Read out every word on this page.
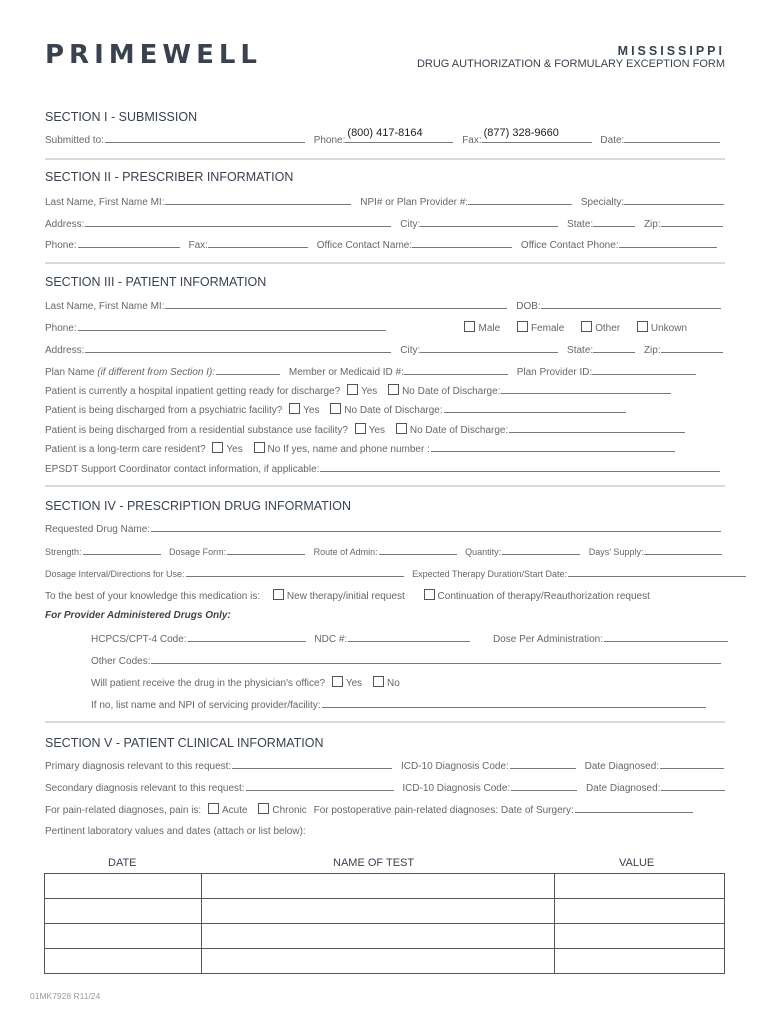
PRIMEWELL	MISSISSIPPI
DRUG AUTHORIZATION & FORMULARY EXCEPTION FORM
SECTION I - SUBMISSION
Submitted to:	Phone:
(800) 417-8164
Fax:
(877) 328-9660
Date:
SECTION II - PRESCRIBER INFORMATION
Last Name, First Name MI:	NPI# or Plan Provider #:	Specialty:
Address:	City:	State:	Zip:
Phone:	Fax:	Office Contact Name:	Office Contact Phone:
SECTION III - PATIENT INFORMATION
Last Name, First Name MI:	DOB:
Phone:	Male	Female	Other	Unkown
Address:	City:	State:	Zip:
Plan Name (if different from Section I):	Member or Medicaid ID #:	Plan Provider ID:
Patient is currently a hospital inpatient getting ready for discharge? Yes No Date of Discharge:
Patient is being discharged from a psychiatric facility? Yes No Date of Discharge:
Patient is being discharged from a residential substance use facility? Yes No Date of Discharge:
Patient is a long-term care resident? Yes No If yes, name and phone number :
EPSDT Support Coordinator contact information, if applicable:
SECTION IV - PRESCRIPTION DRUG INFORMATION
Requested Drug Name:
Strength:	Dosage Form:	Route of Admin:	Quantity:	Days' Supply:
Dosage Interval/Directions for Use:	Expected Therapy Duration/Start Date:
To the best of your knowledge this medication is:	New therapy/initial request	Continuation of therapy/Reauthorization request
For Provider Administered Drugs Only:
HCPCS/CPT-4 Code:	NDC #:	Dose Per Administration:
Other Codes:
Will patient receive the drug in the physician's office? Yes No
If no, list name and NPI of servicing provider/facility:
SECTION V - PATIENT CLINICAL INFORMATION
Primary diagnosis relevant to this request:	ICD-10 Diagnosis Code:	Date Diagnosed:
Secondary diagnosis relevant to this request:	ICD-10 Diagnosis Code:	Date Diagnosed:
For pain-related diagnoses, pain is: Acute Chronic For postoperative pain-related diagnoses: Date of Surgery:
Pertinent laboratory values and dates (attach or list below):
DATE	NAME OF TEST	VALUE

01MK7928 R11/24
